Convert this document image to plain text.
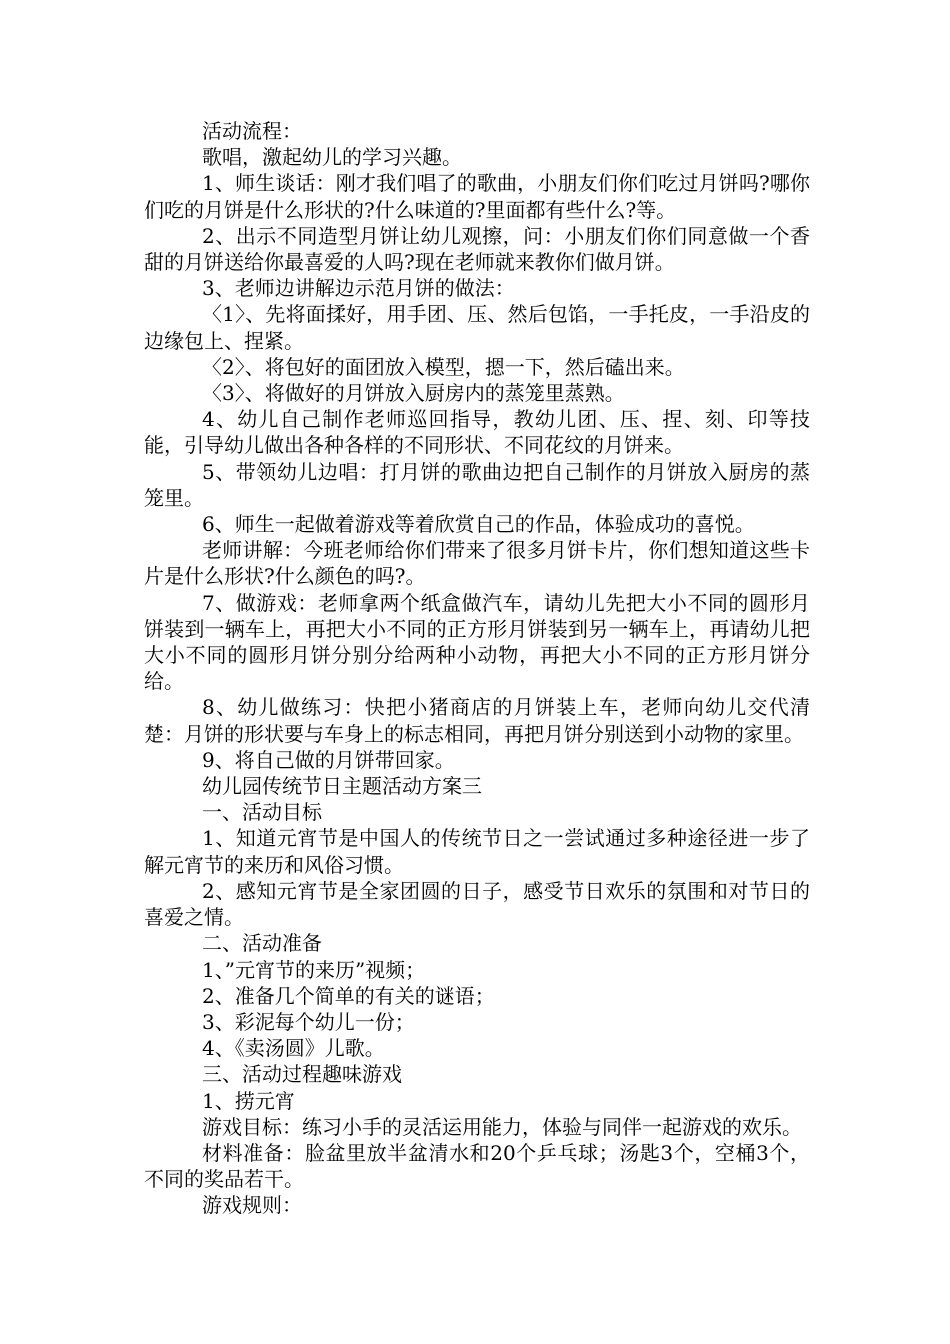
活动流程：

歌唱，激起幼儿的学习兴趣。

1、师生谈话：刚才我们唱了的歌曲，小朋友们你们吃过月饼吗?哪你们吃的月饼是什么形状的?什么味道的?里面都有些什么?等。

2、出示不同造型月饼让幼儿观擦，问：小朋友们你们同意做一个香甜的月饼送给你最喜爱的人吗?现在老师就来教你们做月饼。

3、老师边讲解边示范月饼的做法：

〈1〉、先将面揉好，用手团、压、然后包馅，一手托皮，一手沿皮的边缘包上、捏紧。

〈2〉、将包好的面团放入模型，摁一下，然后磕出来。

〈3〉、将做好的月饼放入厨房内的蒸笼里蒸熟。

4、幼儿自己制作老师巡回指导，教幼儿团、压、捏、刻、印等技能，引导幼儿做出各种各样的不同形状、不同花纹的月饼来。

5、带领幼儿边唱：打月饼的歌曲边把自己制作的月饼放入厨房的蒸笼里。

6、师生一起做着游戏等着欣赏自己的作品，体验成功的喜悦。

老师讲解：今班老师给你们带来了很多月饼卡片，你们想知道这些卡片是什么形状?什么颜色的吗?。

7、做游戏：老师拿两个纸盒做汽车，请幼儿先把大小不同的圆形月饼装到一辆车上，再把大小不同的正方形月饼装到另一辆车上，再请幼儿把大小不同的圆形月饼分别分给两种小动物，再把大小不同的正方形月饼分给。

8、幼儿做练习：快把小猪商店的月饼装上车，老师向幼儿交代清楚：月饼的形状要与车身上的标志相同，再把月饼分别送到小动物的家里。

9、将自己做的月饼带回家。

幼儿园传统节日主题活动方案三

一、活动目标

1、知道元宵节是中国人的传统节日之一尝试通过多种途径进一步了解元宵节的来历和风俗习惯。

2、感知元宵节是全家团圆的日子，感受节日欢乐的氛围和对节日的喜爱之情。

二、活动准备

1、”元宵节的来历”视频；

2、准备几个简单的有关的谜语；

3、彩泥每个幼儿一份；

4、《卖汤圆》儿歌。

三、活动过程趣味游戏

1、捞元宵

游戏目标：练习小手的灵活运用能力，体验与同伴一起游戏的欢乐。

材料准备：脸盆里放半盆清水和20个乒乓球；汤匙3个，空桶3个，不同的奖品若干。

游戏规则：
